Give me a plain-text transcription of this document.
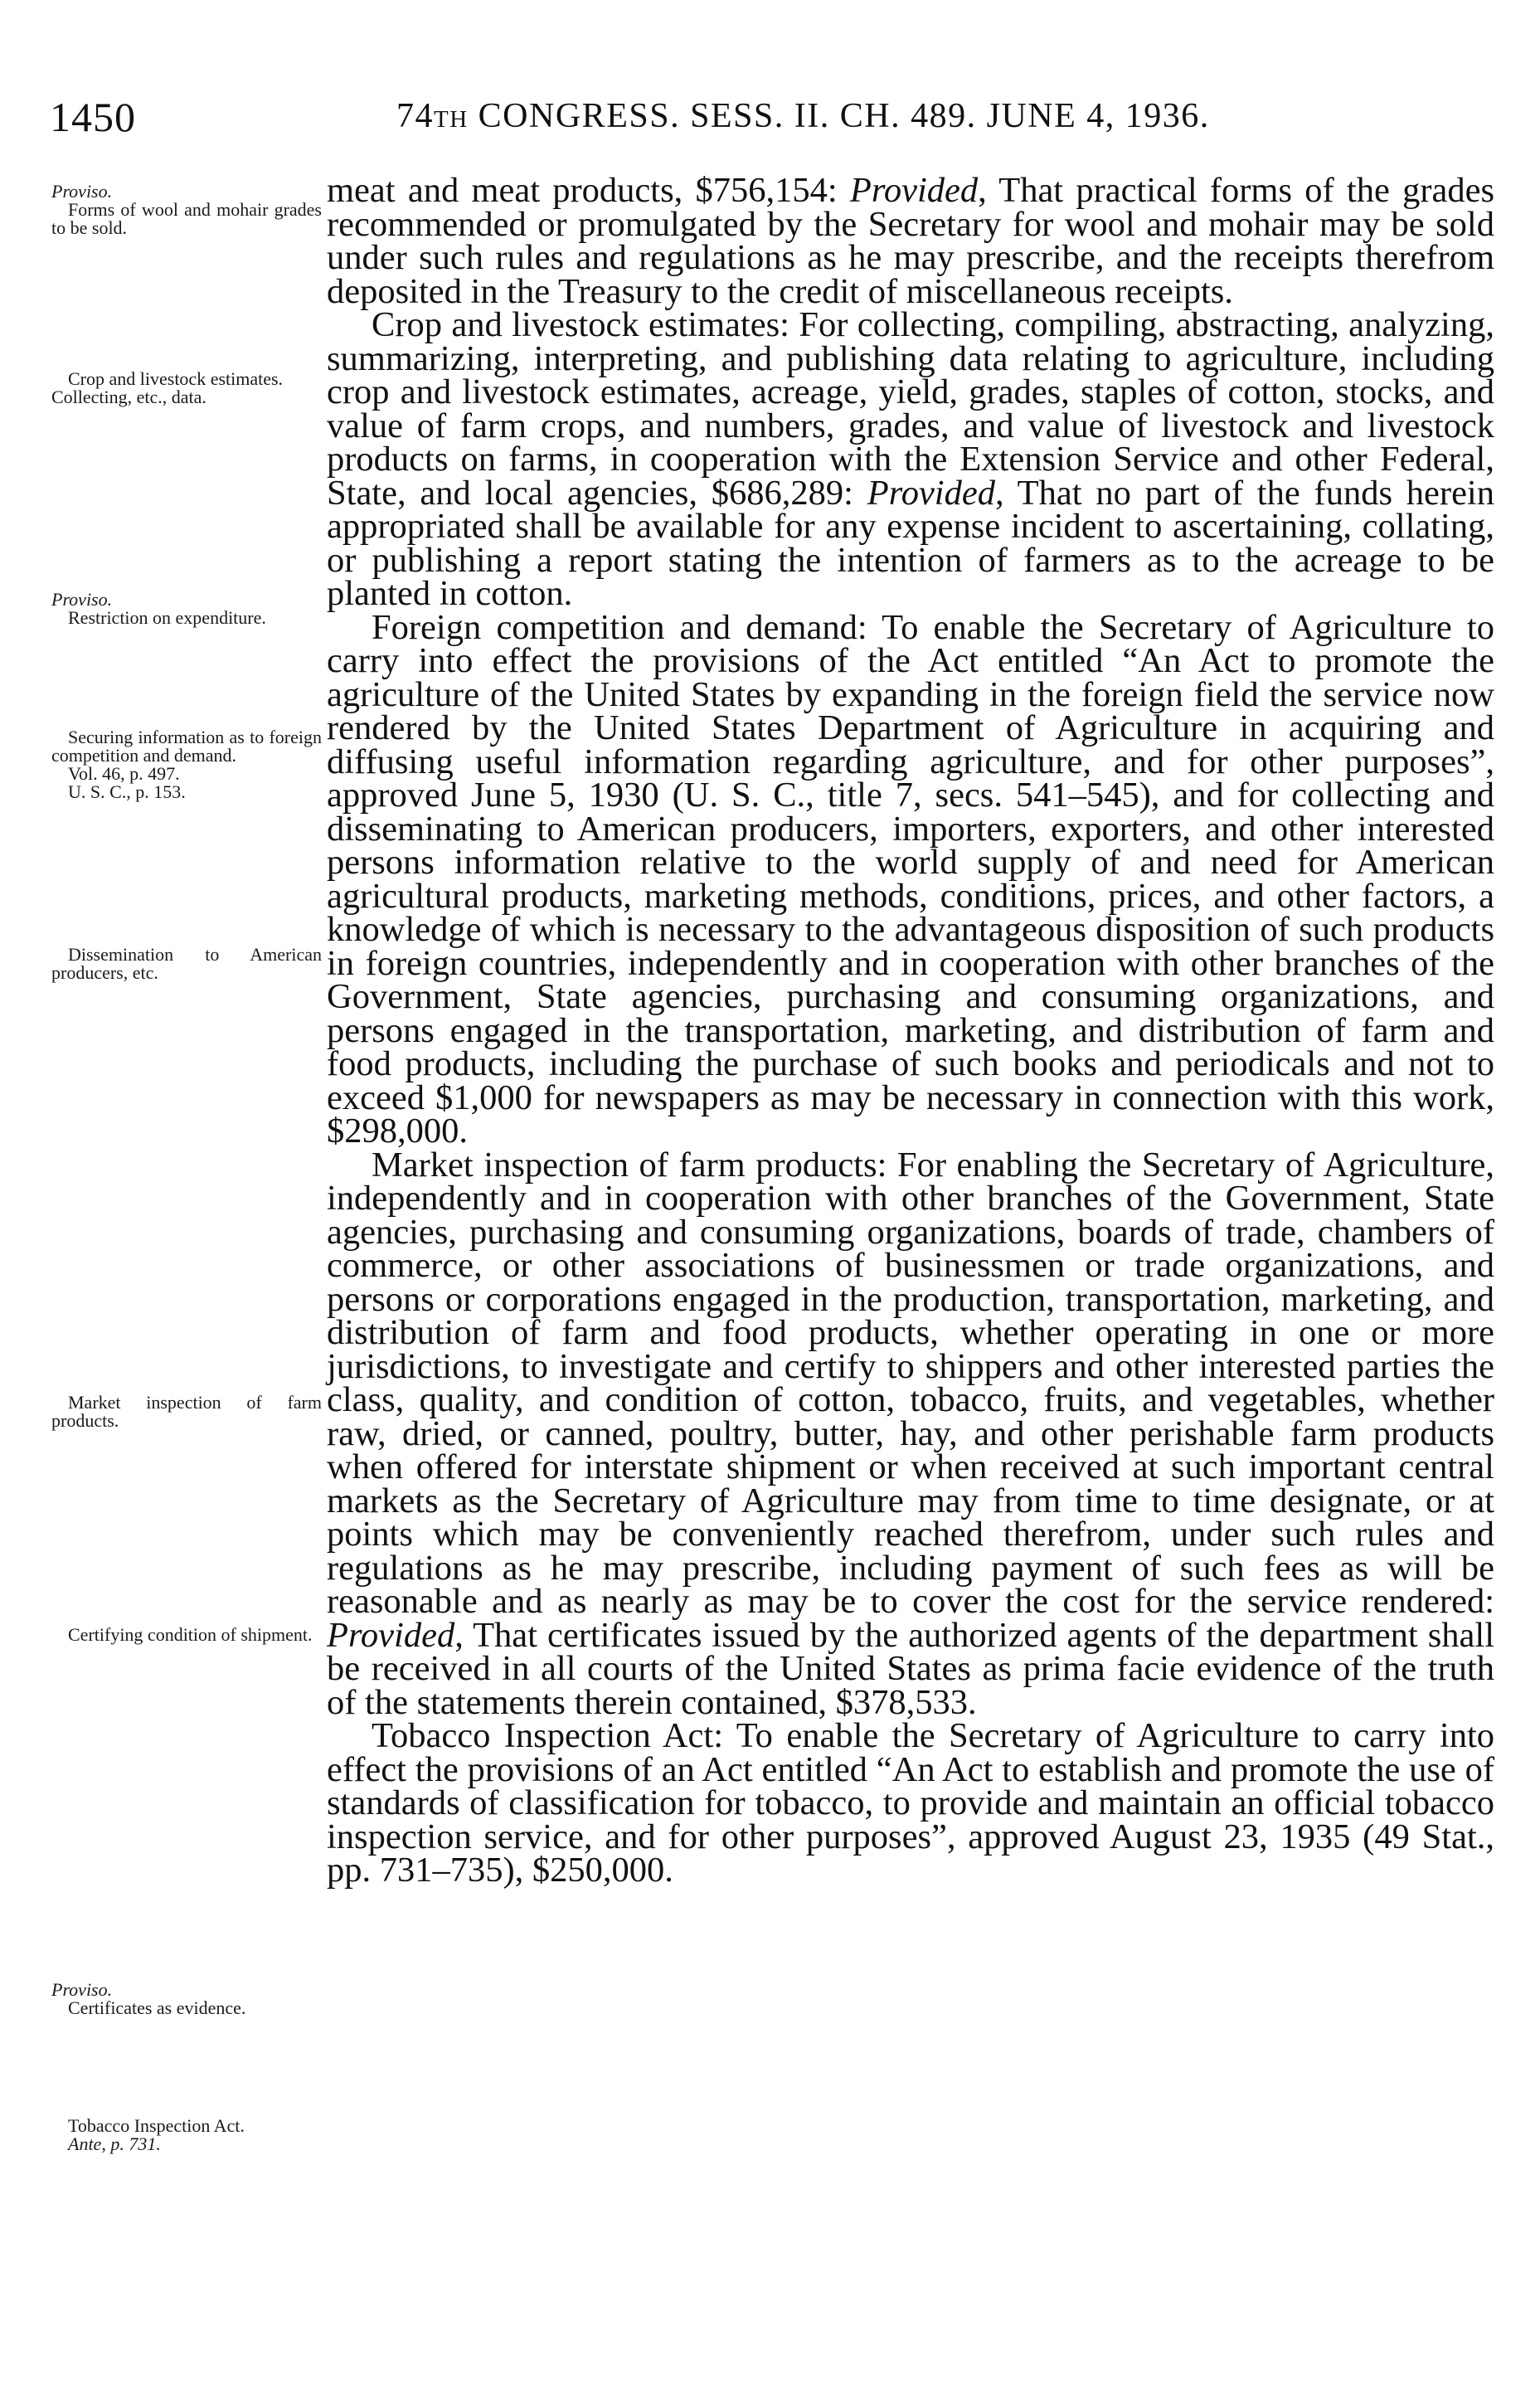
1450	74th CONGRESS. SESS. II. CH. 489. JUNE 4, 1936.
Proviso.
Forms of wool and mohair grades to be sold.
Crop and livestock estimates.
Collecting, etc., data.
Proviso.
Restriction on expenditure.
Securing information as to foreign competition and demand.
Vol. 46, p. 497.
U. S. C., p. 153.
Dissemination to American producers, etc.
Market inspection of farm products.
Certifying condition of shipment.
Proviso.
Certificates as evidence.
Tobacco Inspection Act.
Ante, p. 731.

meat and meat products, $756,154: Provided, That practical forms of the grades recommended or promulgated by the Secretary for wool and mohair may be sold under such rules and regulations as he may prescribe, and the receipts therefrom deposited in the Treasury to the credit of miscellaneous receipts.

Crop and livestock estimates: For collecting, compiling, abstracting, analyzing, summarizing, interpreting, and publishing data relating to agriculture, including crop and livestock estimates, acreage, yield, grades, staples of cotton, stocks, and value of farm crops, and numbers, grades, and value of livestock and livestock products on farms, in cooperation with the Extension Service and other Federal, State, and local agencies, $686,289: Provided, That no part of the funds herein appropriated shall be available for any expense incident to ascertaining, collating, or publishing a report stating the intention of farmers as to the acreage to be planted in cotton.

Foreign competition and demand: To enable the Secretary of Agriculture to carry into effect the provisions of the Act entitled “An Act to promote the agriculture of the United States by expanding in the foreign field the service now rendered by the United States Department of Agriculture in acquiring and diffusing useful information regarding agriculture, and for other purposes”, approved June 5, 1930 (U. S. C., title 7, secs. 541–545), and for collecting and disseminating to American producers, importers, exporters, and other interested persons information relative to the world supply of and need for American agricultural products, marketing methods, conditions, prices, and other factors, a knowledge of which is necessary to the advantageous disposition of such products in foreign countries, independently and in cooperation with other branches of the Government, State agencies, purchasing and consuming organizations, and persons engaged in the transportation, marketing, and distribution of farm and food products, including the purchase of such books and periodicals and not to exceed $1,000 for newspapers as may be necessary in connection with this work, $298,000.

Market inspection of farm products: For enabling the Secretary of Agriculture, independently and in cooperation with other branches of the Government, State agencies, purchasing and consuming organizations, boards of trade, chambers of commerce, or other associations of businessmen or trade organizations, and persons or corporations engaged in the production, transportation, marketing, and distribution of farm and food products, whether operating in one or more jurisdictions, to investigate and certify to shippers and other interested parties the class, quality, and condition of cotton, tobacco, fruits, and vegetables, whether raw, dried, or canned, poultry, butter, hay, and other perishable farm products when offered for interstate shipment or when received at such important central markets as the Secretary of Agriculture may from time to time designate, or at points which may be conveniently reached therefrom, under such rules and regulations as he may prescribe, including payment of such fees as will be reasonable and as nearly as may be to cover the cost for the service rendered: Provided, That certificates issued by the authorized agents of the department shall be received in all courts of the United States as prima facie evidence of the truth of the statements therein contained, $378,533.

Tobacco Inspection Act: To enable the Secretary of Agriculture to carry into effect the provisions of an Act entitled “An Act to establish and promote the use of standards of classification for tobacco, to provide and maintain an official tobacco inspection service, and for other purposes”, approved August 23, 1935 (49 Stat., pp. 731–735), $250,000.
